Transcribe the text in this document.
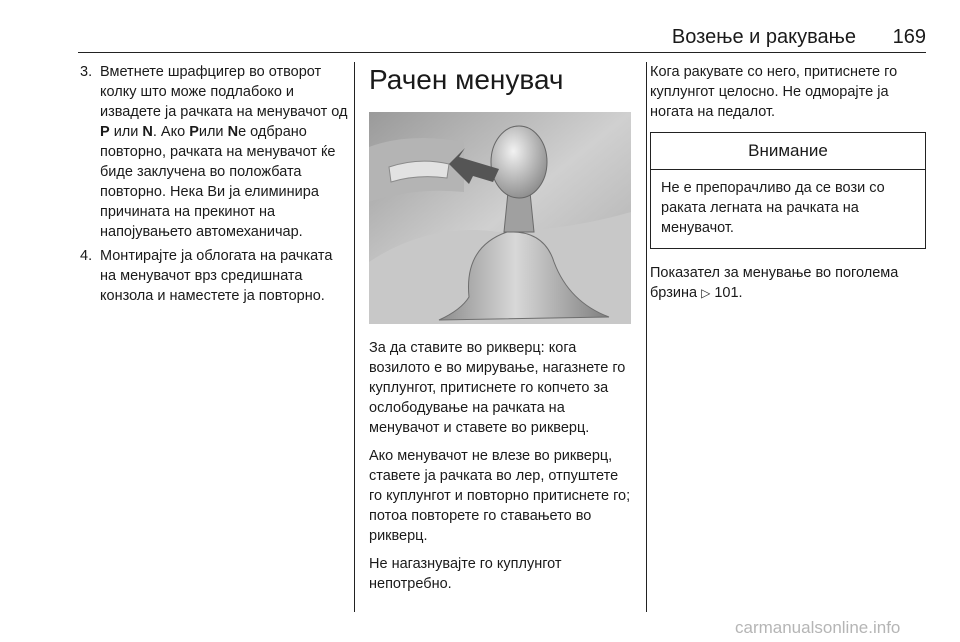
Возење и ракување 169
3. Вметнете шрафцигер во отворот колку што може подлабоко и извадете ја рачката на менувачот од P или N. Ако Pили Nе одбрано повторно, рачката на менувачот ќе биде заклучена во положбата повторно. Нека Ви ја елиминира причината на прекинот на напојувањето автомеханичар.
4. Монтирајте ја облогата на рачката на менувачот врз средишната конзола и наместете ја повторно.
Рачен менувач

За да ставите во рикверц: кога возилото е во мирување, нагазнете го куплунгот, притиснете го копчето за ослободување на рачката на менувачот и ставете во рикверц.

Ако менувачот не влезе во рикверц, ставете ја рачката во лер, отпуштете го куплунгот и повторно притиснете го; потоа повторете го ставањето во рикверц.

Не нагазнувајте го куплунгот непотребно.

Кога ракувате со него, притиснете го куплунгот целосно. Не одморајте ја ногата на педалот.

Внимание
Не е препорачливо да се вози со раката легната на рачката на менувачот.

Показател за менување во поголема брзина ▷ 101.

carmanualsonline.info
